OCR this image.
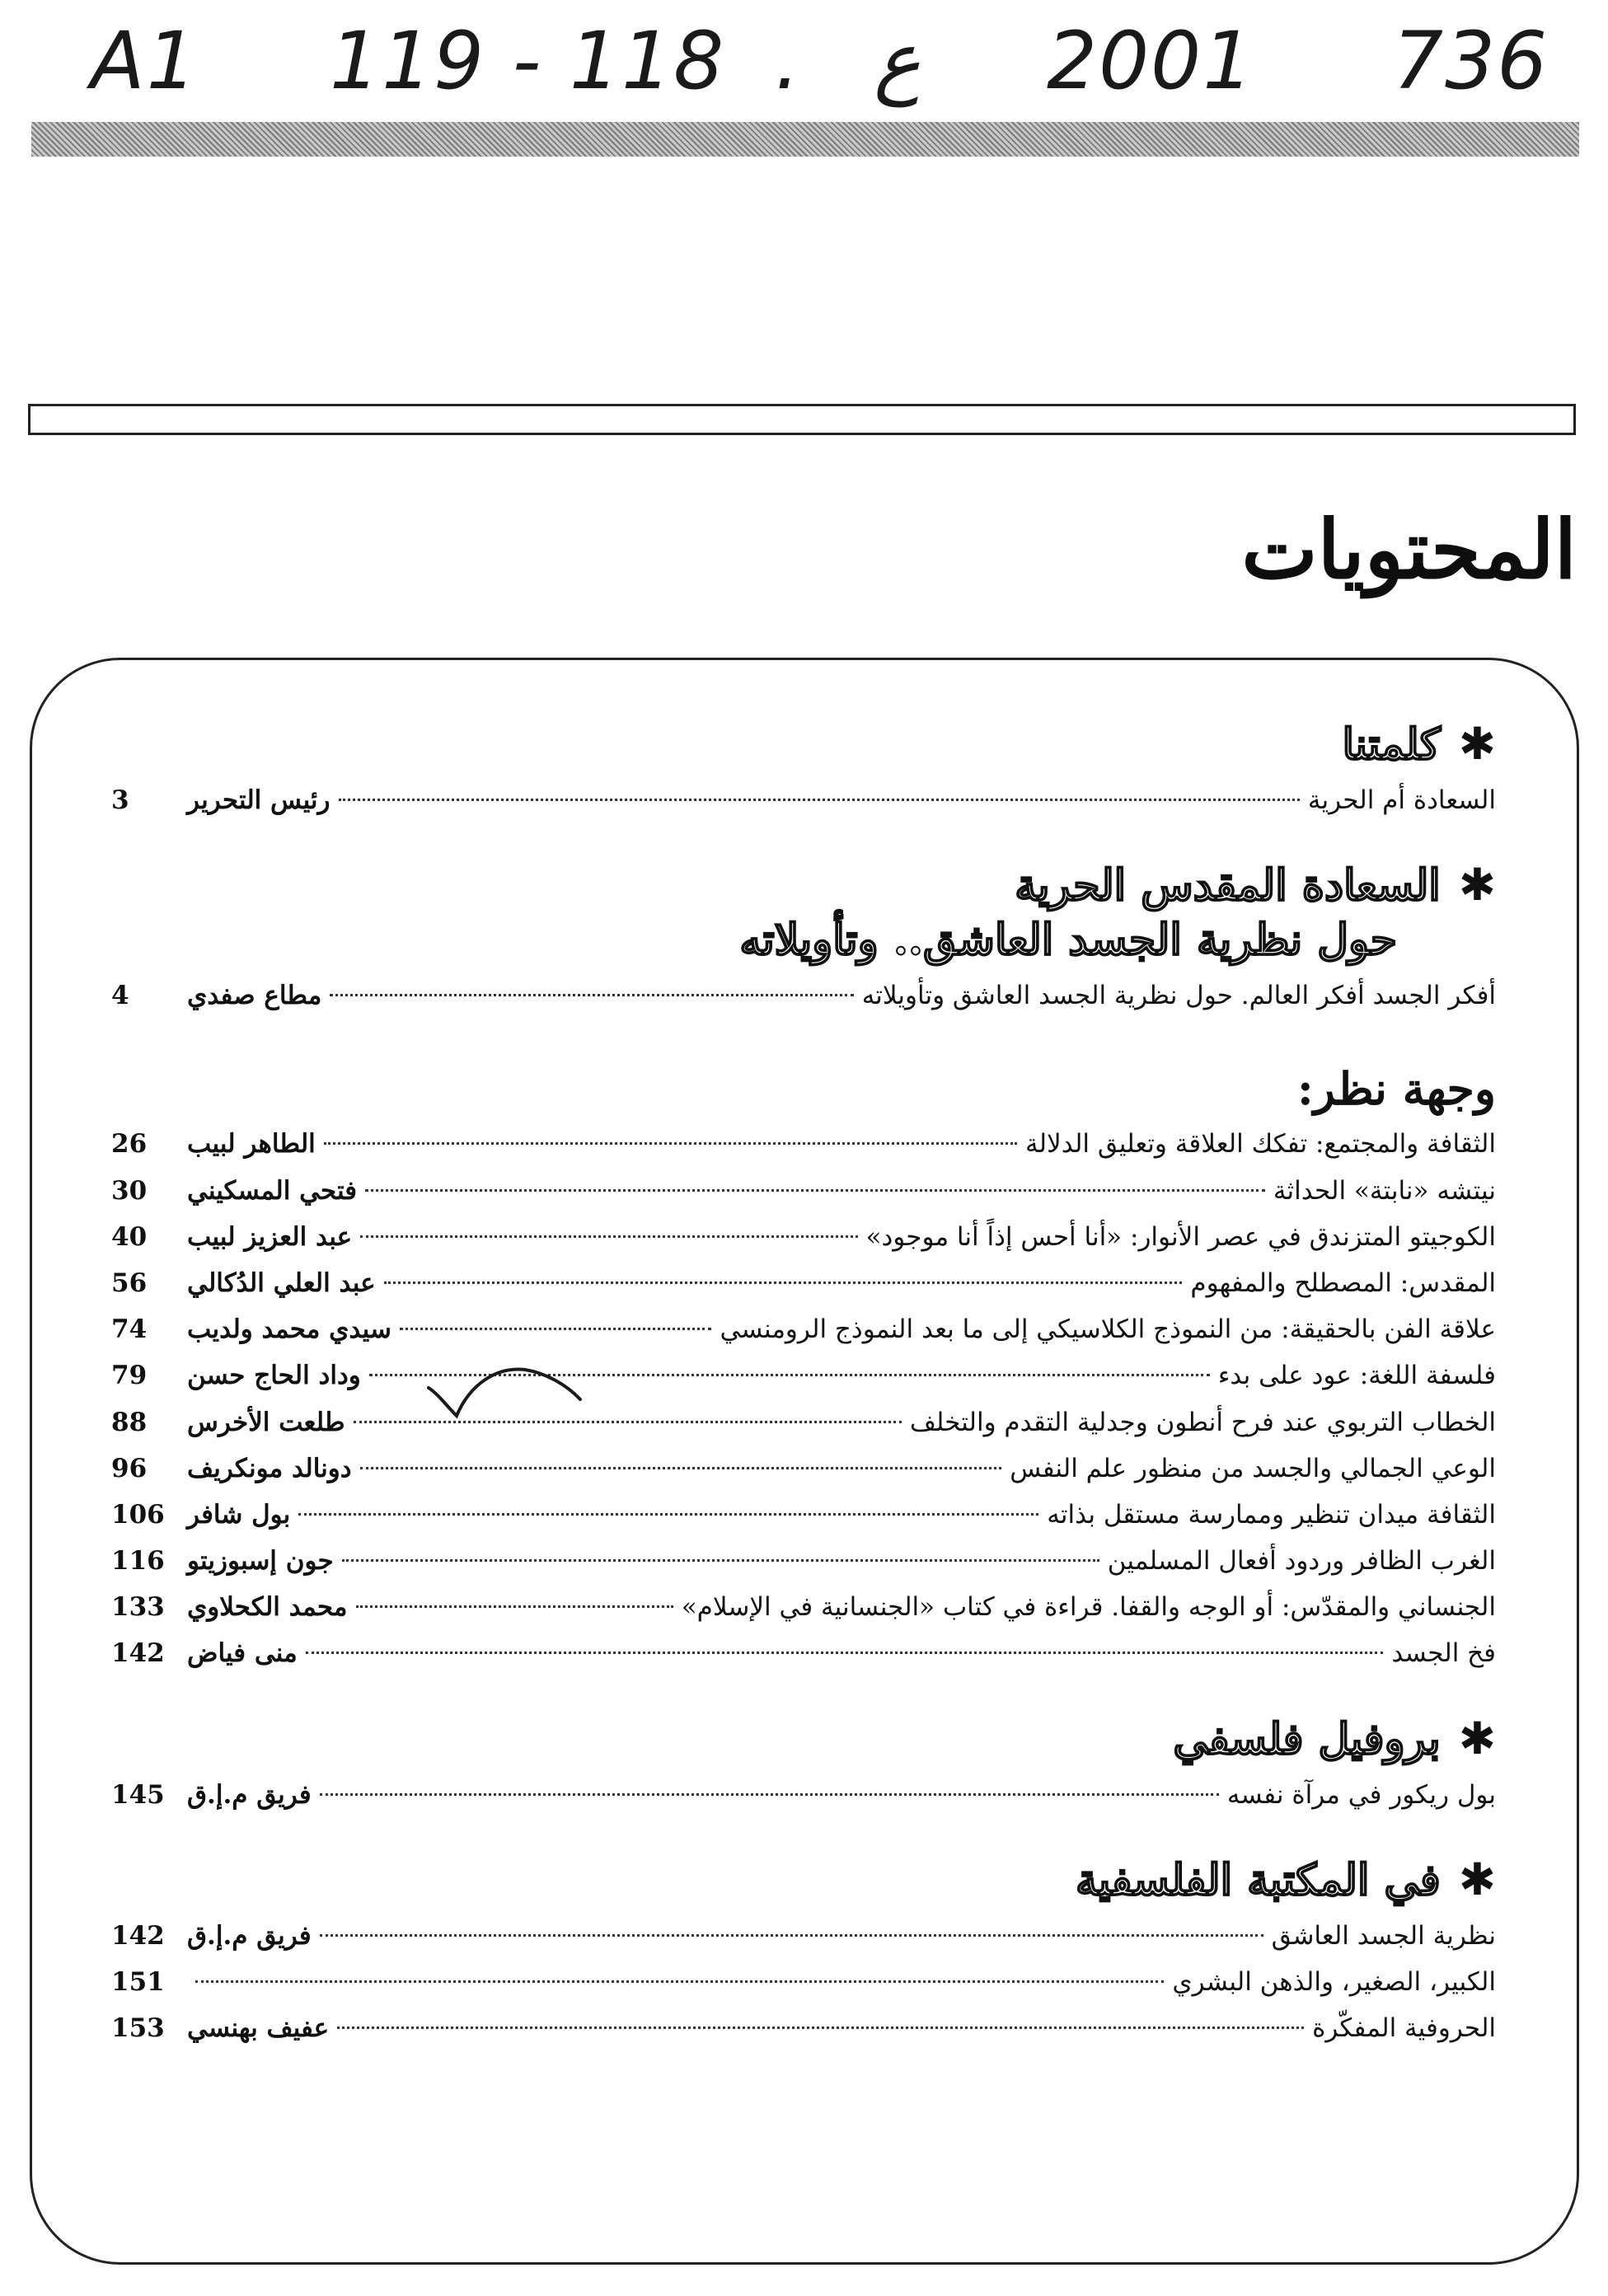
A1 119 - 118 . ع 2001 736
المحتويات
✱كلمتنا
السعادة أم الحرية
رئيس التحرير
3
✱السعادة المقدس الحرية
حول نظرية الجسد العاشق.. وتأويلاته
أفكر الجسد أفكر العالم. حول نظرية الجسد العاشق وتأويلاته
مطاع صفدي
4
وجهة نظر:
الثقافة والمجتمع: تفكك العلاقة وتعليق الدلالة
الطاهر لبيب
26
نيتشه «نابتة» الحداثة
فتحي المسكيني
30
الكوجيتو المتزندق في عصر الأنوار: «أنا أحس إذاً أنا موجود»
عبد العزيز لبيب
40
المقدس: المصطلح والمفهوم
عبد العلي الدُكالي
56
علاقة الفن بالحقيقة: من النموذج الكلاسيكي إلى ما بعد النموذج الرومنسي
سيدي محمد ولديب
74
فلسفة اللغة: عود على بدء
وداد الحاج حسن
79
الخطاب التربوي عند فرح أنطون وجدلية التقدم والتخلف
طلعت الأخرس
88
الوعي الجمالي والجسد من منظور علم النفس
دونالد مونكريف
96
الثقافة ميدان تنظير وممارسة مستقل بذاته
بول شافر
106
الغرب الظافر وردود أفعال المسلمين
جون إسبوزيتو
116
الجنساني والمقدّس: أو الوجه والقفا. قراءة في كتاب «الجنسانية في الإسلام»
محمد الكحلاوي
133
فخ الجسد
منى فياض
142
✱بروفيل فلسفي
بول ريكور في مرآة نفسه
فريق م.إ.ق
145
✱في المكتبة الفلسفية
نظرية الجسد العاشق
فريق م.إ.ق
142
الكبير، الصغير، والذهن البشري
151
الحروفية المفكّرة
عفيف بهنسي
153
